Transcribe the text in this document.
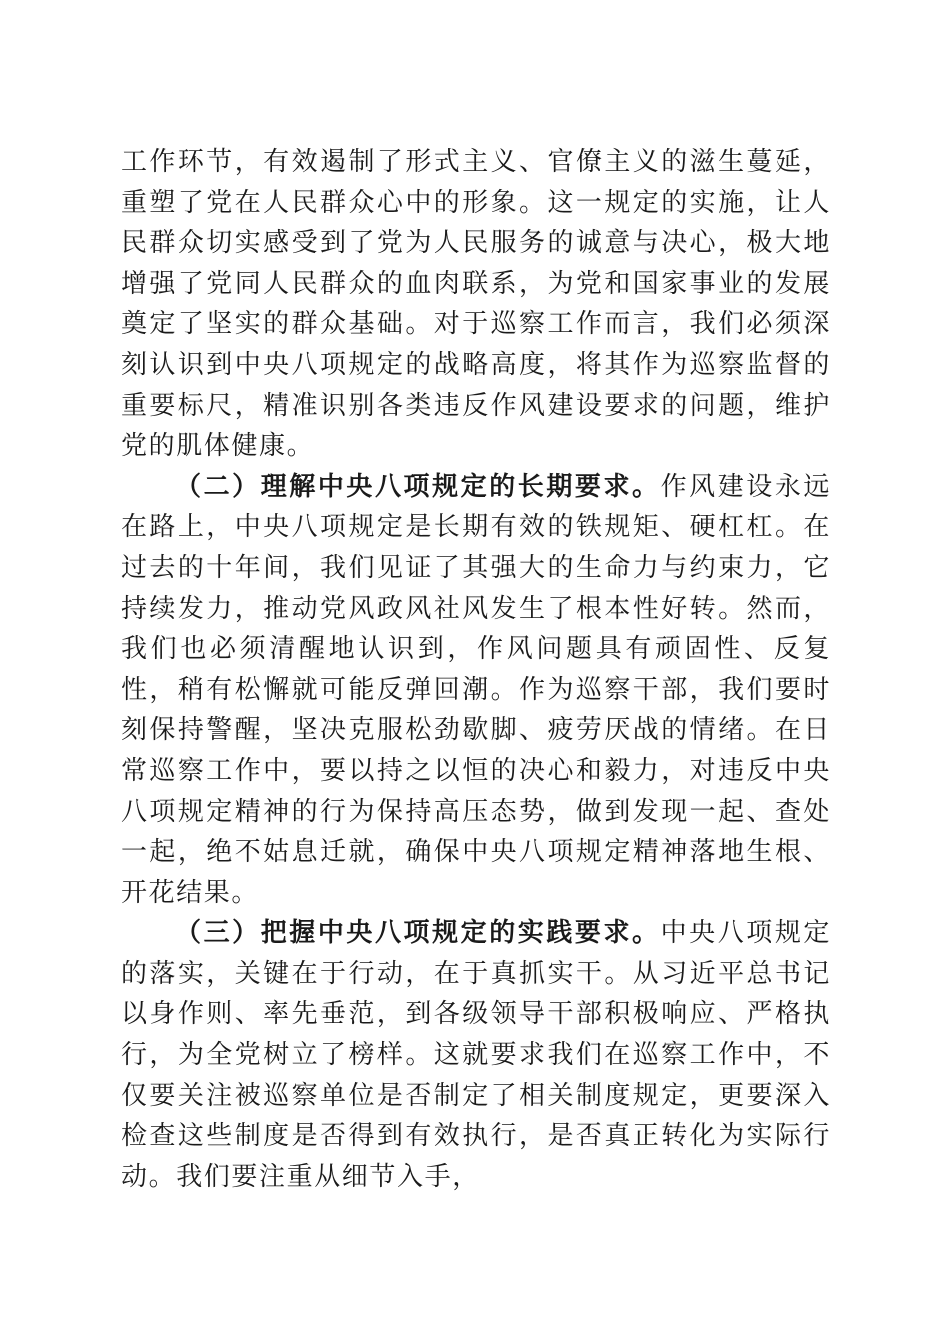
工作环节，有效遏制了形式主义、官僚主义的滋生蔓延，重塑了党在人民群众心中的形象。这一规定的实施，让人民群众切实感受到了党为人民服务的诚意与决心，极大地增强了党同人民群众的血肉联系，为党和国家事业的发展奠定了坚实的群众基础。对于巡察工作而言，我们必须深刻认识到中央八项规定的战略高度，将其作为巡察监督的重要标尺，精准识别各类违反作风建设要求的问题，维护党的肌体健康。

（二）理解中央八项规定的长期要求。作风建设永远在路上，中央八项规定是长期有效的铁规矩、硬杠杠。在过去的十年间，我们见证了其强大的生命力与约束力，它持续发力，推动党风政风社风发生了根本性好转。然而，我们也必须清醒地认识到，作风问题具有顽固性、反复性，稍有松懈就可能反弹回潮。作为巡察干部，我们要时刻保持警醒，坚决克服松劲歇脚、疲劳厌战的情绪。在日常巡察工作中，要以持之以恒的决心和毅力，对违反中央八项规定精神的行为保持高压态势，做到发现一起、查处一起，绝不姑息迁就，确保中央八项规定精神落地生根、开花结果。

（三）把握中央八项规定的实践要求。中央八项规定的落实，关键在于行动，在于真抓实干。从习近平总书记以身作则、率先垂范，到各级领导干部积极响应、严格执行，为全党树立了榜样。这就要求我们在巡察工作中，不仅要关注被巡察单位是否制定了相关制度规定，更要深入检查这些制度是否得到有效执行，是否真正转化为实际行动。我们要注重从细节入手，
